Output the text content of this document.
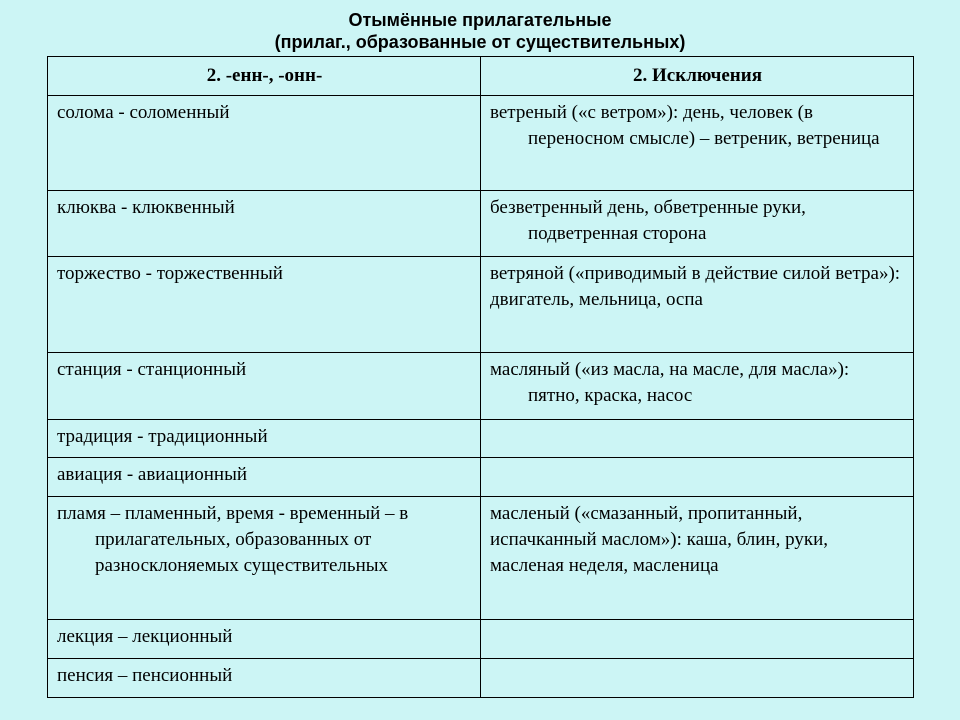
Отымённые прилагательные
(прилаг., образованные от существительных)
2. -енн-, -онн-	2. Исключения

солома - соломенный	ветреный («с ветром»): день, человек (в переносном смысле) – ветреник, ветреница

клюква - клюквенный	безветренный день, обветренные руки, подветренная сторона

торжество - торжественный	ветряной («приводимый в действие силой ветра»): двигатель, мельница, оспа

станция - станционный	масляный («из масла, на масле, для масла»): пятно, краска, насос

традиция - традиционный	

авиация - авиационный	

пламя – пламенный, время - временный – в прилагательных, образованных от разносклоняемых существительных	масленый («смазанный, пропитанный, испачканный маслом»): каша, блин, руки, масленая неделя, масленица

лекция – лекционный	

пенсия – пенсионный	
